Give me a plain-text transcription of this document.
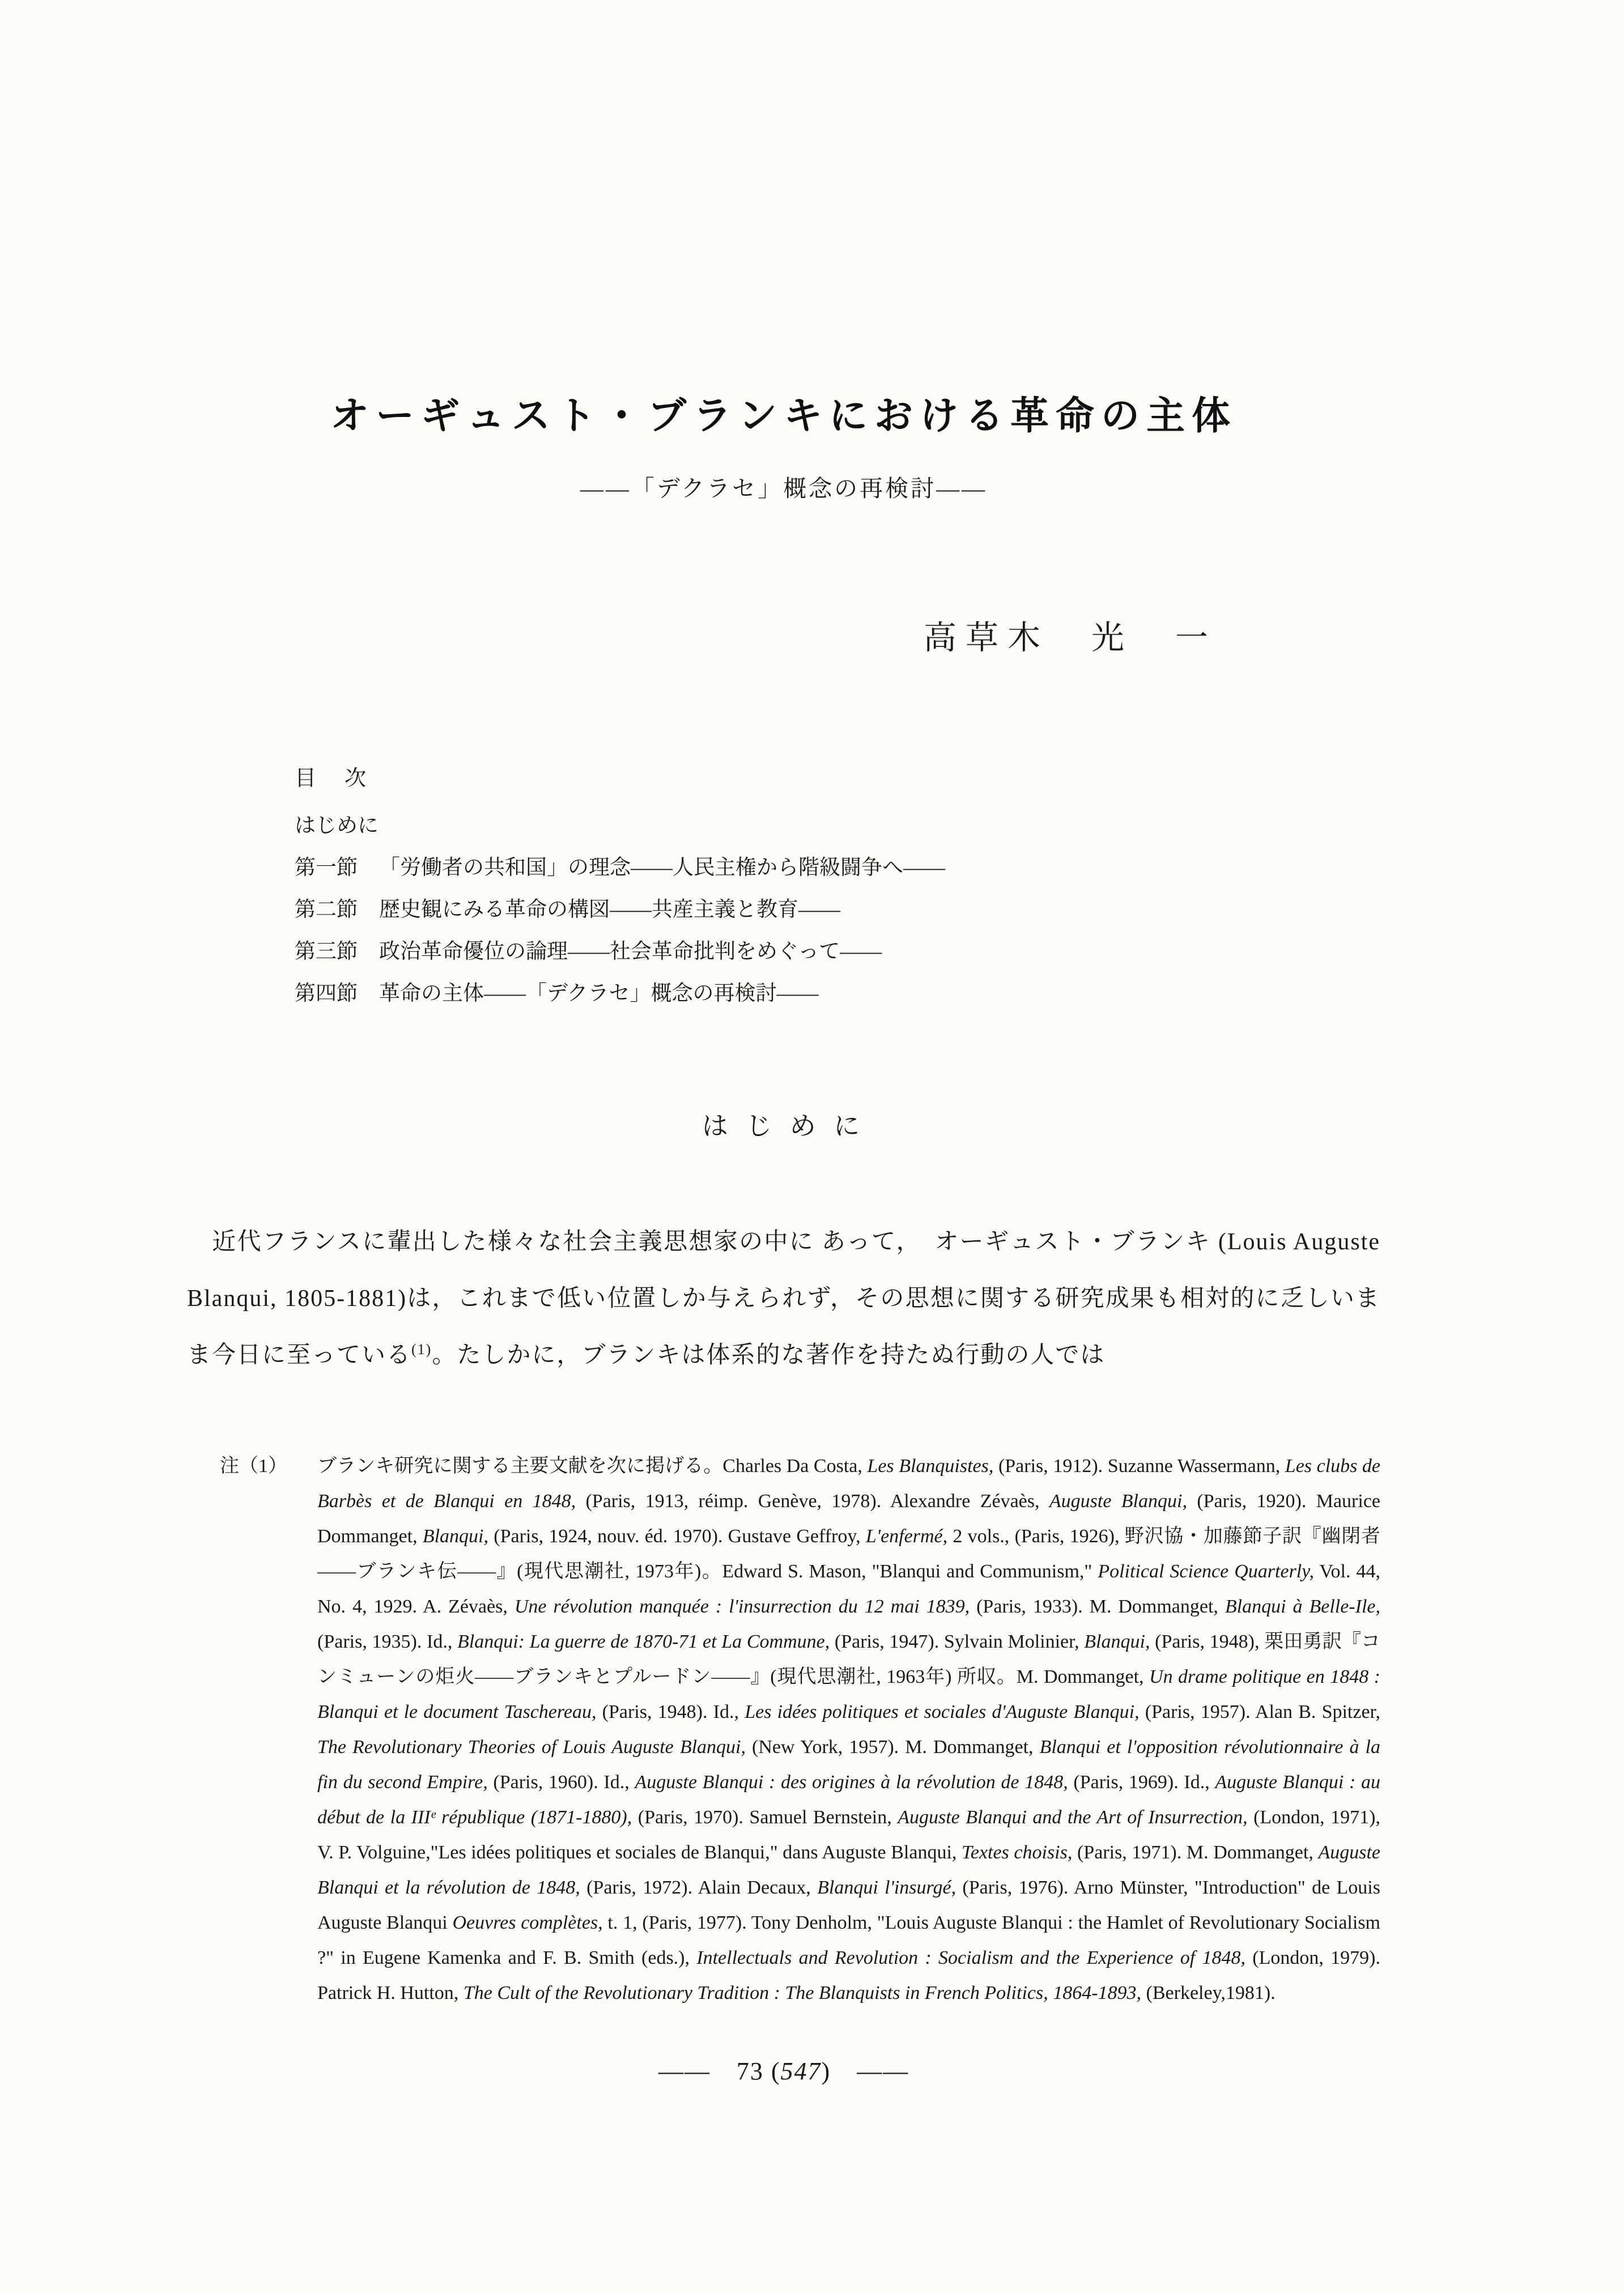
オーギュスト・ブランキにおける革命の主体
——「デクラセ」概念の再検討——
高草木　光　一
目　次
はじめに
第一節 「労働者の共和国」の理念——人民主権から階級闘争へ——
第二節 歴史観にみる革命の構図——共産主義と教育——
第三節 政治革命優位の論理——社会革命批判をめぐって——
第四節 革命の主体——「デクラセ」概念の再検討——
は じ め に
　近代フランスに輩出した様々な社会主義思想家の中に あって，　オーギュスト・ブランキ (Louis Auguste Blanqui, 1805-1881)は，これまで低い位置しか与えられず，その思想に関する研究成果も相対的に乏しいまま今日に至っている$^{(1)}$。たしかに，ブランキは体系的な著作を持たぬ行動の人では
注（1）	ブランキ研究に関する主要文献を次に掲げる。Charles Da Costa, Les Blanquistes, (Paris, 1912). Suzanne Wassermann, Les clubs de Barbès et de Blanqui en 1848, (Paris, 1913, réimp. Genève, 1978). Alexandre Zévaès, Auguste Blanqui, (Paris, 1920). Maurice Dommanget, Blanqui, (Paris, 1924, nouv. éd. 1970). Gustave Geffroy, L'enfermé, 2 vols., (Paris, 1926), 野沢協・加藤節子訳『幽閉者——ブランキ伝——』(現代思潮社, 1973年)。Edward S. Mason, "Blanqui and Communism," Political Science Quarterly, Vol. 44, No. 4, 1929. A. Zévaès, Une révolution manquée : l'insurrection du 12 mai 1839, (Paris, 1933). M. Dommanget, Blanqui à Belle-Ile, (Paris, 1935). Id., Blanqui: La guerre de 1870-71 et La Commune, (Paris, 1947). Sylvain Molinier, Blanqui, (Paris, 1948), 栗田勇訳『コンミューンの炬火——ブランキとプルードン——』(現代思潮社, 1963年) 所収。M. Dommanget, Un drame politique en 1848 : Blanqui et le document Taschereau, (Paris, 1948). Id., Les idées politiques et sociales d'Auguste Blanqui, (Paris, 1957). Alan B. Spitzer, The Revolutionary Theories of Louis Auguste Blanqui, (New York, 1957). M. Dommanget, Blanqui et l'opposition révolutionnaire à la fin du second Empire, (Paris, 1960). Id., Auguste Blanqui : des origines à la révolution de 1848, (Paris, 1969). Id., Auguste Blanqui : au début de la IIIᵉ république (1871-1880), (Paris, 1970). Samuel Bernstein, Auguste Blanqui and the Art of Insurrection, (London, 1971), V. P. Volguine,"Les idées politiques et sociales de Blanqui," dans Auguste Blanqui, Textes choisis, (Paris, 1971). M. Dommanget, Auguste Blanqui et la révolution de 1848, (Paris, 1972). Alain Decaux, Blanqui l'insurgé, (Paris, 1976). Arno Münster, "Introduction" de Louis Auguste Blanqui Oeuvres complètes, t. 1, (Paris, 1977). Tony Denholm, "Louis Auguste Blanqui : the Hamlet of Revolutionary Socialism ?" in Eugene Kamenka and F. B. Smith (eds.), Intellectuals and Revolution : Socialism and the Experience of 1848, (London, 1979). Patrick H. Hutton, The Cult of the Revolutionary Tradition : The Blanquists in French Politics, 1864-1893, (Berkeley,1981).
——　73 (547)　——
